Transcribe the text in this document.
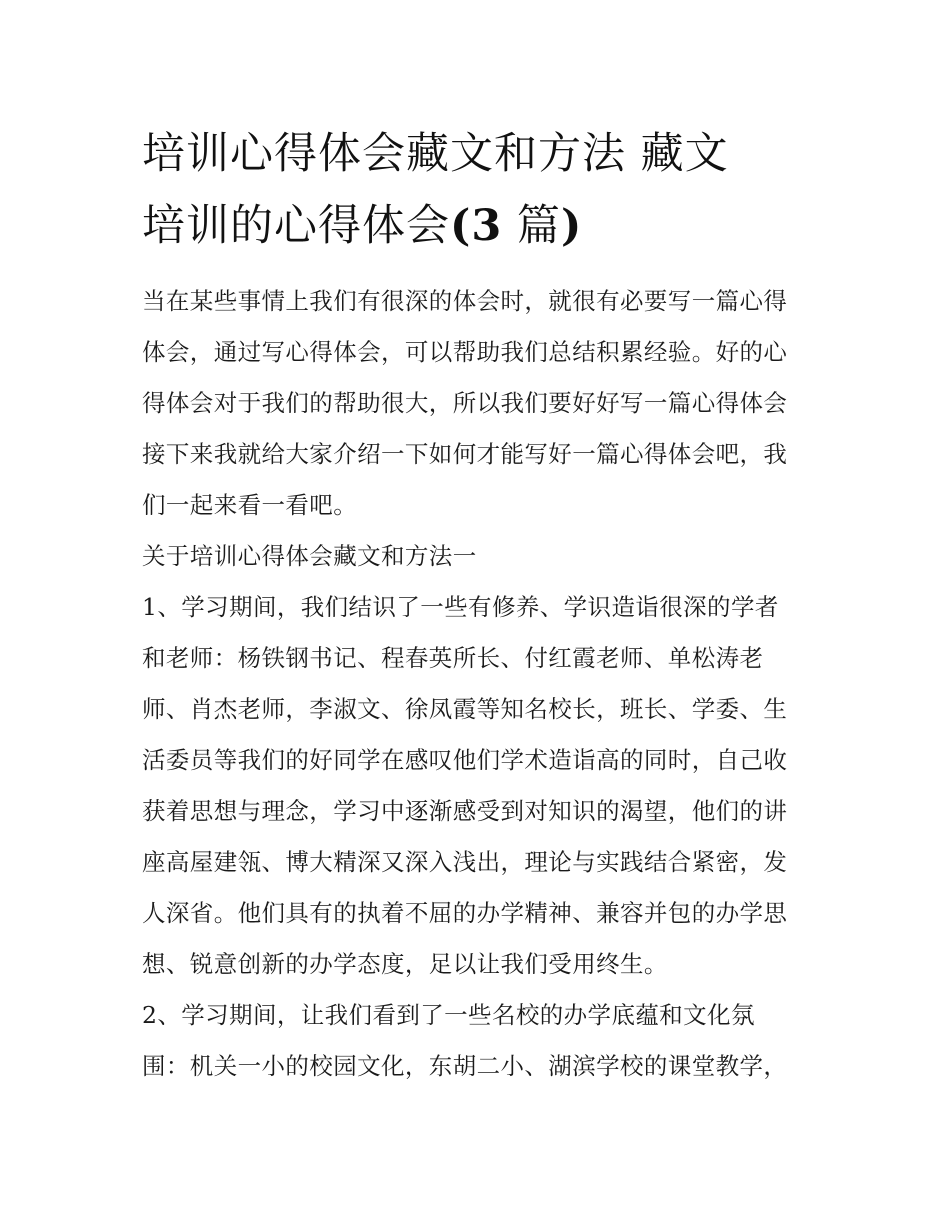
培训心得体会藏文和方法 藏文
培训的心得体会(3 篇)
当在某些事情上我们有很深的体会时，就很有必要写一篇心得
体会，通过写心得体会，可以帮助我们总结积累经验。好的心
得体会对于我们的帮助很大，所以我们要好好写一篇心得体会
接下来我就给大家介绍一下如何才能写好一篇心得体会吧，我
们一起来看一看吧。
关于培训心得体会藏文和方法一
1、学习期间，我们结识了一些有修养、学识造诣很深的学者
和老师：杨铁钢书记、程春英所长、付红霞老师、单松涛老
师、肖杰老师，李淑文、徐凤霞等知名校长，班长、学委、生
活委员等我们的好同学在感叹他们学术造诣高的同时，自己收
获着思想与理念，学习中逐渐感受到对知识的渴望，他们的讲
座高屋建瓴、博大精深又深入浅出，理论与实践结合紧密，发
人深省。他们具有的执着不屈的办学精神、兼容并包的办学思
想、锐意创新的办学态度，足以让我们受用终生。
2、学习期间，让我们看到了一些名校的办学底蕴和文化氛
围：机关一小的校园文化，东胡二小、湖滨学校的课堂教学，
